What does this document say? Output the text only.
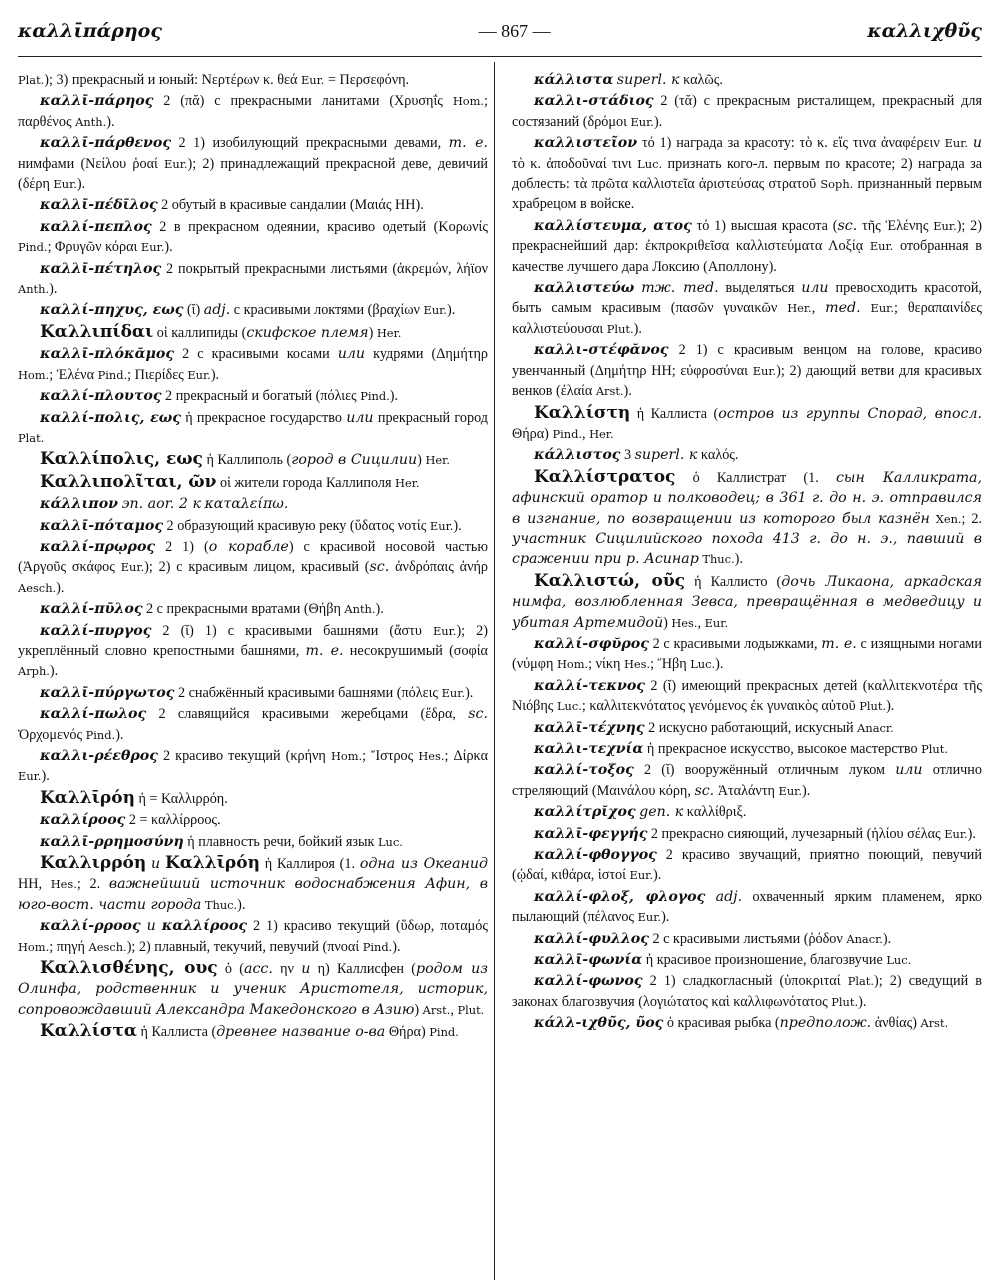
καλλῑπάρηος	— 867 —	καλλιχθῦς

Plat.); 3) прекрасный и юный: Νερτέρων κ. θεά Eur. = Περσεφόνη.

καλλῑ-πάρηος 2 (πᾰ) с прекрасными ланитами (Χρυσηΐς Hom.; παρθένος Anth.).

καλλῑ-πάρθενος 2 1) изобилующий прекрасными девами, т. е. нимфами (Νείλου ῥοαί Eur.); 2) принадлежащий прекрасной деве, девичий (δέρη Eur.).

καλλῑ-πέδῑλος 2 обутый в красивые сандалии (Μαιάς HH).

καλλί-πεπλος 2 в прекрасном одеянии, красиво одетый (Κορωνίς Pind.; Φρυγῶν κόραι Eur.).

καλλῑ-πέτηλος 2 покрытый прекрасными листьями (ἀκρεμών, λήϊον Anth.).

καλλί-πηχυς, εως (ῐ) adj. с красивыми локтями (βραχίων Eur.).

Καλλιπίδαι οἱ каллипиды (скифское племя) Her.

καλλῑ-πλόκᾰμος 2 с красивыми косами или кудрями (Δημήτηρ Hom.; Ἑλένα Pind.; Πιερίδες Eur.).

καλλί-πλουτος 2 прекрасный и богатый (πόλιες Pind.).

καλλί-πολις, εως ἡ прекрасное государство или прекрасный город Plat.

Καλλίπολις, εως ἡ Каллиполь (город в Сицилии) Her.

Καλλιπολῖται, ῶν οἱ жители города Каллиполя Her.

κάλλιπον эп. aor. 2 к καταλείπω.

καλλῑ-πόταμος 2 образующий красивую реку (ὕδατος νοτίς Eur.).

καλλί-πρῳρος 2 1) (о корабле) с красивой носовой частью (Ἀργοῦς σκάφος Eur.); 2) с красивым лицом, красивый (sc. ἀνδρόπαις ἀνήρ Aesch.).

καλλί-πῡλος 2 с прекрасными вратами (Θήβη Anth.).

καλλί-πυργος 2 (ῐ) 1) с красивыми башнями (ἄστυ Eur.); 2) укреплённый словно крепостными башнями, т. е. несокрушимый (σοφία Arph.).

καλλῑ-πύργωτος 2 снабжённый красивыми башнями (πόλεις Eur.).

καλλί-πωλος 2 славящийся красивыми жеребцами (ἕδρα, sc. Ὀρχομενός Pind.).

καλλι-ρέεθρος 2 красиво текущий (κρήνη Hom.; Ἴστρος Hes.; Δίρκα Eur.).

Καλλῑρόη ἡ = Καλλιρρόη.

καλλίροος 2 = καλλίρροος.

καλλῑ-ρρημοσύνη ἡ плавность речи, бойкий язык Luc.

Καλλιρρόη и Καλλῑρόη ἡ Каллироя (1. одна из Океанид HH, Hes.; 2. важнейший источник водоснабжения Афин, в юго-вост. части города Thuc.).

καλλί-ρροος и καλλίροος 2 1) красиво текущий (ὕδωρ, ποταμός Hom.; πηγή Aesch.); 2) плавный, текучий, певучий (πνοαί Pind.).

Καλλισθένης, ους ὁ (acc. ην и η) Каллисфен (родом из Олинфа, родственник и ученик Аристотеля, историк, сопровождавший Александра Македонского в Азию) Arst., Plut.

Καλλίστα ἡ Каллиста (древнее название о-ва Θήρα) Pind.

κάλλιστα superl. к καλῶς.

καλλι-στάδιος 2 (τᾰ) с прекрасным ристалищем, прекрасный для состязаний (δρόμοι Eur.).

καλλιστεῖον τό 1) награда за красоту: τὸ κ. εἴς τινα ἀναφέρειν Eur. и τὸ κ. ἀποδοῦναί τινι Luc. признать кого-л. первым по красоте; 2) награда за доблесть: τὰ πρῶτα καλλιστεῖα ἀριστεύσας στρατοῦ Soph. признанный первым храбрецом в войске.

καλλίστευμα, ατος τό 1) высшая красота (sc. τῆς Ἑλένης Eur.); 2) прекраснейший дар: ἐκπροκριθεῖσα καλλιστεύματα Λοξίᾳ Eur. отобранная в качестве лучшего дара Локсию (Аполлону).

καλλιστεύω тж. med. выделяться или превосходить красотой, быть самым красивым (πασῶν γυναικῶν Her., med. Eur.; θεραπαινίδες καλλιστεύουσαι Plut.).

καλλι-στέφᾰνος 2 1) с красивым венцом на голове, красиво увенчанный (Δημήτηρ HH; εὐφροσύναι Eur.); 2) дающий ветви для красивых венков (ἐλαία Arst.).

Καλλίστη ἡ Каллиста (остров из группы Спорад, впосл. Θήρα) Pind., Her.

κάλλιστος 3 superl. к καλός.

Καλλίστρατος ὁ Каллистрат (1. сын Калликрата, афинский оратор и полководец; в 361 г. до н. э. отправился в изгнание, по возвращении из которого был казнён Xen.; 2. участник Сицилийского похода 413 г. до н. э., павший в сражении при р. Асинар Thuc.).

Καλλιστώ, οῦς ἡ Каллисто (дочь Ликаона, аркадская нимфа, возлюбленная Зевса, превращённая в медведицу и убитая Артемидой) Hes., Eur.

καλλί-σφῠρος 2 с красивыми лодыжками, т. е. с изящными ногами (νύμφη Hom.; νίκη Hes.; Ἥβη Luc.).

καλλί-τεκνος 2 (ῐ) имеющий прекрасных детей (καλλιτεκνοτέρα τῆς Νιόβης Luc.; καλλιτεκνότατος γενόμενος ἐκ γυναικὸς αὐτοῦ Plut.).

καλλῑ-τέχνης 2 искусно работающий, искусный Anacr.

καλλι-τεχνία ἡ прекрасное искусство, высокое мастерство Plut.

καλλί-τοξος 2 (ῐ) вооружённый отличным луком или отлично стреляющий (Μαινάλου κόρη, sc. Ἀταλάντη Eur.).

καλλίτρῐχος gen. к καλλίθριξ.

καλλῑ-φεγγής 2 прекрасно сияющий, лучезарный (ἡλίου σέλας Eur.).

καλλί-φθογγος 2 красиво звучащий, приятно поющий, певучий (ᾠδαί, κιθάρα, ἱστοί Eur.).

καλλί-φλοξ, φλογος adj. охваченный ярким пламенем, ярко пылающий (πέλανος Eur.).

καλλί-φυλλος 2 с красивыми листьями (ῥόδον Anacr.).

καλλῑ-φωνία ἡ красивое произношение, благозвучие Luc.

καλλί-φωνος 2 1) сладкогласный (ὑποκριταί Plat.); 2) сведущий в законах благозвучия (λογιώτατος καὶ καλλιφωνότατος Plut.).

κάλλ-ιχθῦς, ῦος ὁ красивая рыбка (предполож. ἀνθίας) Arst.
